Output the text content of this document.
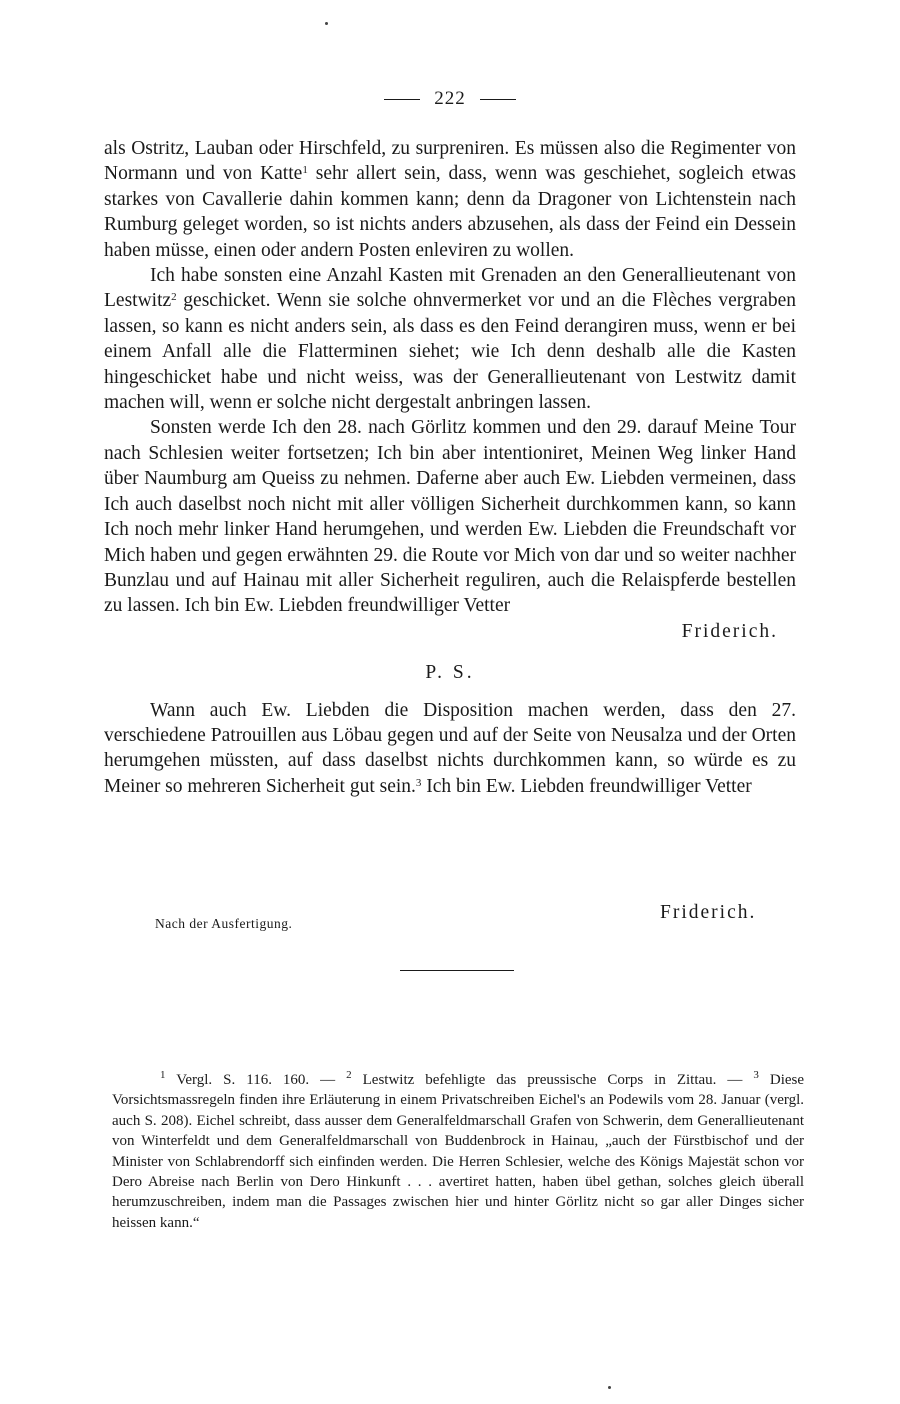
222

als Ostritz, Lauban oder Hirschfeld, zu surpreniren. Es müssen also die Regimenter von Normann und von Katte$^1$ sehr allert sein, dass, wenn was geschiehet, sogleich etwas starkes von Cavallerie dahin kommen kann; denn da Dragoner von Lichtenstein nach Rumburg geleget worden, so ist nichts anders abzusehen, als dass der Feind ein Dessein haben müsse, einen oder andern Posten enleviren zu wollen.

Ich habe sonsten eine Anzahl Kasten mit Grenaden an den Generallieutenant von Lestwitz$^2$ geschicket. Wenn sie solche ohnvermerket vor und an die Flèches vergraben lassen, so kann es nicht anders sein, als dass es den Feind derangiren muss, wenn er bei einem Anfall alle die Flatterminen siehet; wie Ich denn deshalb alle die Kasten hingeschicket habe und nicht weiss, was der Generallieutenant von Lestwitz damit machen will, wenn er solche nicht dergestalt anbringen lassen.

Sonsten werde Ich den 28. nach Görlitz kommen und den 29. darauf Meine Tour nach Schlesien weiter fortsetzen; Ich bin aber intentioniret, Meinen Weg linker Hand über Naumburg am Queiss zu nehmen. Daferne aber auch Ew. Liebden vermeinen, dass Ich auch daselbst noch nicht mit aller völligen Sicherheit durchkommen kann, so kann Ich noch mehr linker Hand herumgehen, und werden Ew. Liebden die Freundschaft vor Mich haben und gegen erwähnten 29. die Route vor Mich von dar und so weiter nachher Bunzlau und auf Hainau mit aller Sicherheit reguliren, auch die Relaispferde bestellen zu lassen. Ich bin Ew. Liebden freundwilliger Vetter

Friderich.

P. S.

Wann auch Ew. Liebden die Disposition machen werden, dass den 27. verschiedene Patrouillen aus Löbau gegen und auf der Seite von Neusalza und der Orten herumgehen müssten, auf dass daselbst nichts durchkommen kann, so würde es zu Meiner so mehreren Sicherheit gut sein.$^3$ Ich bin Ew. Liebden freundwilliger Vetter

Friderich.
Nach der Ausfertigung.

$^1$ Vergl. S. 116. 160. — $^2$ Lestwitz befehligte das preussische Corps in Zittau. — $^3$ Diese Vorsichtsmassregeln finden ihre Erläuterung in einem Privatschreiben Eichel's an Podewils vom 28. Januar (vergl. auch S. 208). Eichel schreibt, dass ausser dem Generalfeldmarschall Grafen von Schwerin, dem Generallieutenant von Winterfeldt und dem Generalfeldmarschall von Buddenbrock in Hainau, „auch der Fürstbischof und der Minister von Schlabrendorff sich einfinden werden. Die Herren Schlesier, welche des Königs Majestät schon vor Dero Abreise nach Berlin von Dero Hinkunft . . . avertiret hatten, haben übel gethan, solches gleich überall herumzuschreiben, indem man die Passages zwischen hier und hinter Görlitz nicht so gar aller Dinges sicher heissen kann.“
